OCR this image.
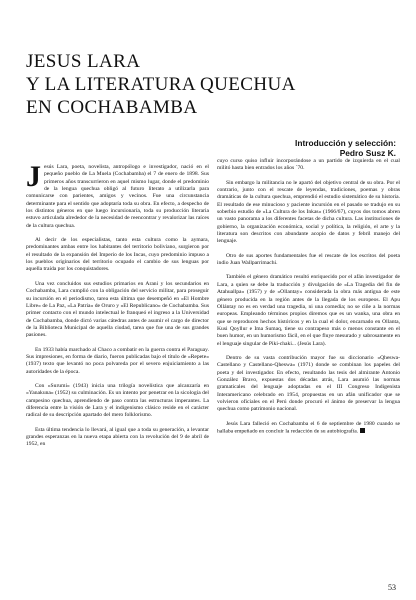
JESUS LARA
Y LA LITERATURA QUECHUA
EN COCHABAMBA
Introducción y selección:
Pedro Susz K.

Jesús Lara, poeta, novelista, antropólogo e investigador, nació en el pequeño pueblo de La Muela (Cochabamba) el 7 de enero de 1898. Sus primeros años transcurrieron en aquel mismo lugar, donde el predominio de la lengua quechua obligó al futuro literato a utilizarla para comunicarse con parientes, amigos y vecinos. Fue una circunstancia determinante para el sentido que adoptaría toda su obra. En efecto, a despecho de los distintos géneros en que luego incursionaría, toda su producción literaria estuvo articulada alrededor de la necesidad de reencontrar y revalorizar las raíces de la cultura quechua.

Al decir de los especialistas, tanto esta cultura como la aymara, predominantes ambas entre los habitantes del territorio boliviano, surgieron por el resultado de la expansión del Imperio de los Incas, cuyo predominio impuso a los pueblos originarios del territorio ocupado el cambio de sus lenguas por aquella traída por los conquistadores.

Una vez concluidos sus estudios primarios en Arani y los secundarios en Cochabamba, Lara cumplió con la obligación del servicio militar, para proseguir su incursión en el periodismo, tarea esta última que desempeñó en «El Hombre Libre» de La Paz, «La Patria» de Oruro y «El Republicano» de Cochabamba. Sus primer contacto con el mundo intelectual le franqueó el ingreso a la Universidad de Cochabamba, donde dictó varias cátedras antes de asumir el cargo de director de la Biblioteca Municipal de aquella ciudad, tarea que fue una de sus grandes pasiones.

En 1933 había marchado al Chaco a combatir en la guerra contra el Paraguay. Sus impresiones, en forma de diario, fueron publicadas bajo el título de «Repete» (1937) texto que levantó no poca polvareda por el severo enjuiciamiento a las autoridades de la época.

Con «Surumi» (1943) inicia una trilogía novelística que alcanzaría en «Yanakuna» (1952) su culminación. Es un intento por penetrar en la sicología del campesino quechua, aprendiendo de paso contra las estructuras imperantes. La diferencia entre la visión de Lara y el indigenismo clásico reside en el carácter radical de su descripción apartado del mero folklorismo.

Esta última tendencia lo llevará, al igual que a toda su generación, a levantar grandes esperanzas en la nueva etapa abierta con la revolución del 9 de abril de 1952, en

cuyo curso quiso influir incorporándose a un partido de izquierda en el cual militó hasta bien entrados los años ´70.

Sin embargo la militancia no le apartó del objetivo central de su obra. Por el contrario, junto con el rescate de leyendas, tradiciones, poemas y obras dramáticas de la cultura quechua, emprendió el estudio sistemático de su historia. El resultado de ese minucioso y paciente incursión en el pasado se tradujo en su soberbio estudio de «La Cultura de los Inkas» (1966/67), cuyos dos tomos abren un vasto panorama a los diferentes facetas de dicha cultura. Las instituciones de gobierno, la organización económica, social y política, la religión, el arte y la literatura son descritos con abundante acopio de datos y febril manejo del lenguaje.

Otro de sus aportes fundamentales fue el rescate de los escritos del poeta indio Juan Wallparrimachi.

También el género dramático resultó enriquecido por el afán investigador de Lara, a quien se debe la traducción y divulgación de «La Tragedia del fin de Atahuallpa» (1957) y de «Ollantay» considerada la obra más antigua de este género producida en la región antes de la llegada de los europeos. El Apu Ollántay no es en verdad una tragedia, ni una comedia; no se ciñe a la normas europeas. Empleando términos propios diremos que es un wanka, una obra en que se reproducen hechos históricos y en la cual el dolor, encarnado en Ollanta, Kusi Qoyllur e Ima Sumaq, tiene su contrapeso más o menos constante en el buen humor, en un humorismo fácil, en el que fluye mesurado y sabrosamente en el lenguaje singular de Piki-chaki... (Jesús Lara).

Dentro de su vasta contribución mayor fue su diccionario «Qheswa-Castellano y Castellano-Qheswa» (1971) donde se combinan los papeles del poeta y del investigador. En efecto, resultando las tesis del almirante Antonio González Bravo, expuestas dos décadas atrás, Lara asumió las normas gramaticales del lenguaje adoptadas en el III Congreso Indigenista Interamericano celebrado en 1954, propuestas en un afán unificador que se volvieron oficiales en el Perú donde procuró el ánimo de preservar la lengua quechua como patrimonio nacional.

Jesús Lara falleció en Cochabamba el 6 de septiembre de 1980 cuando se hallaba empeñado en concluir la redacción de su autobiografía.

53
